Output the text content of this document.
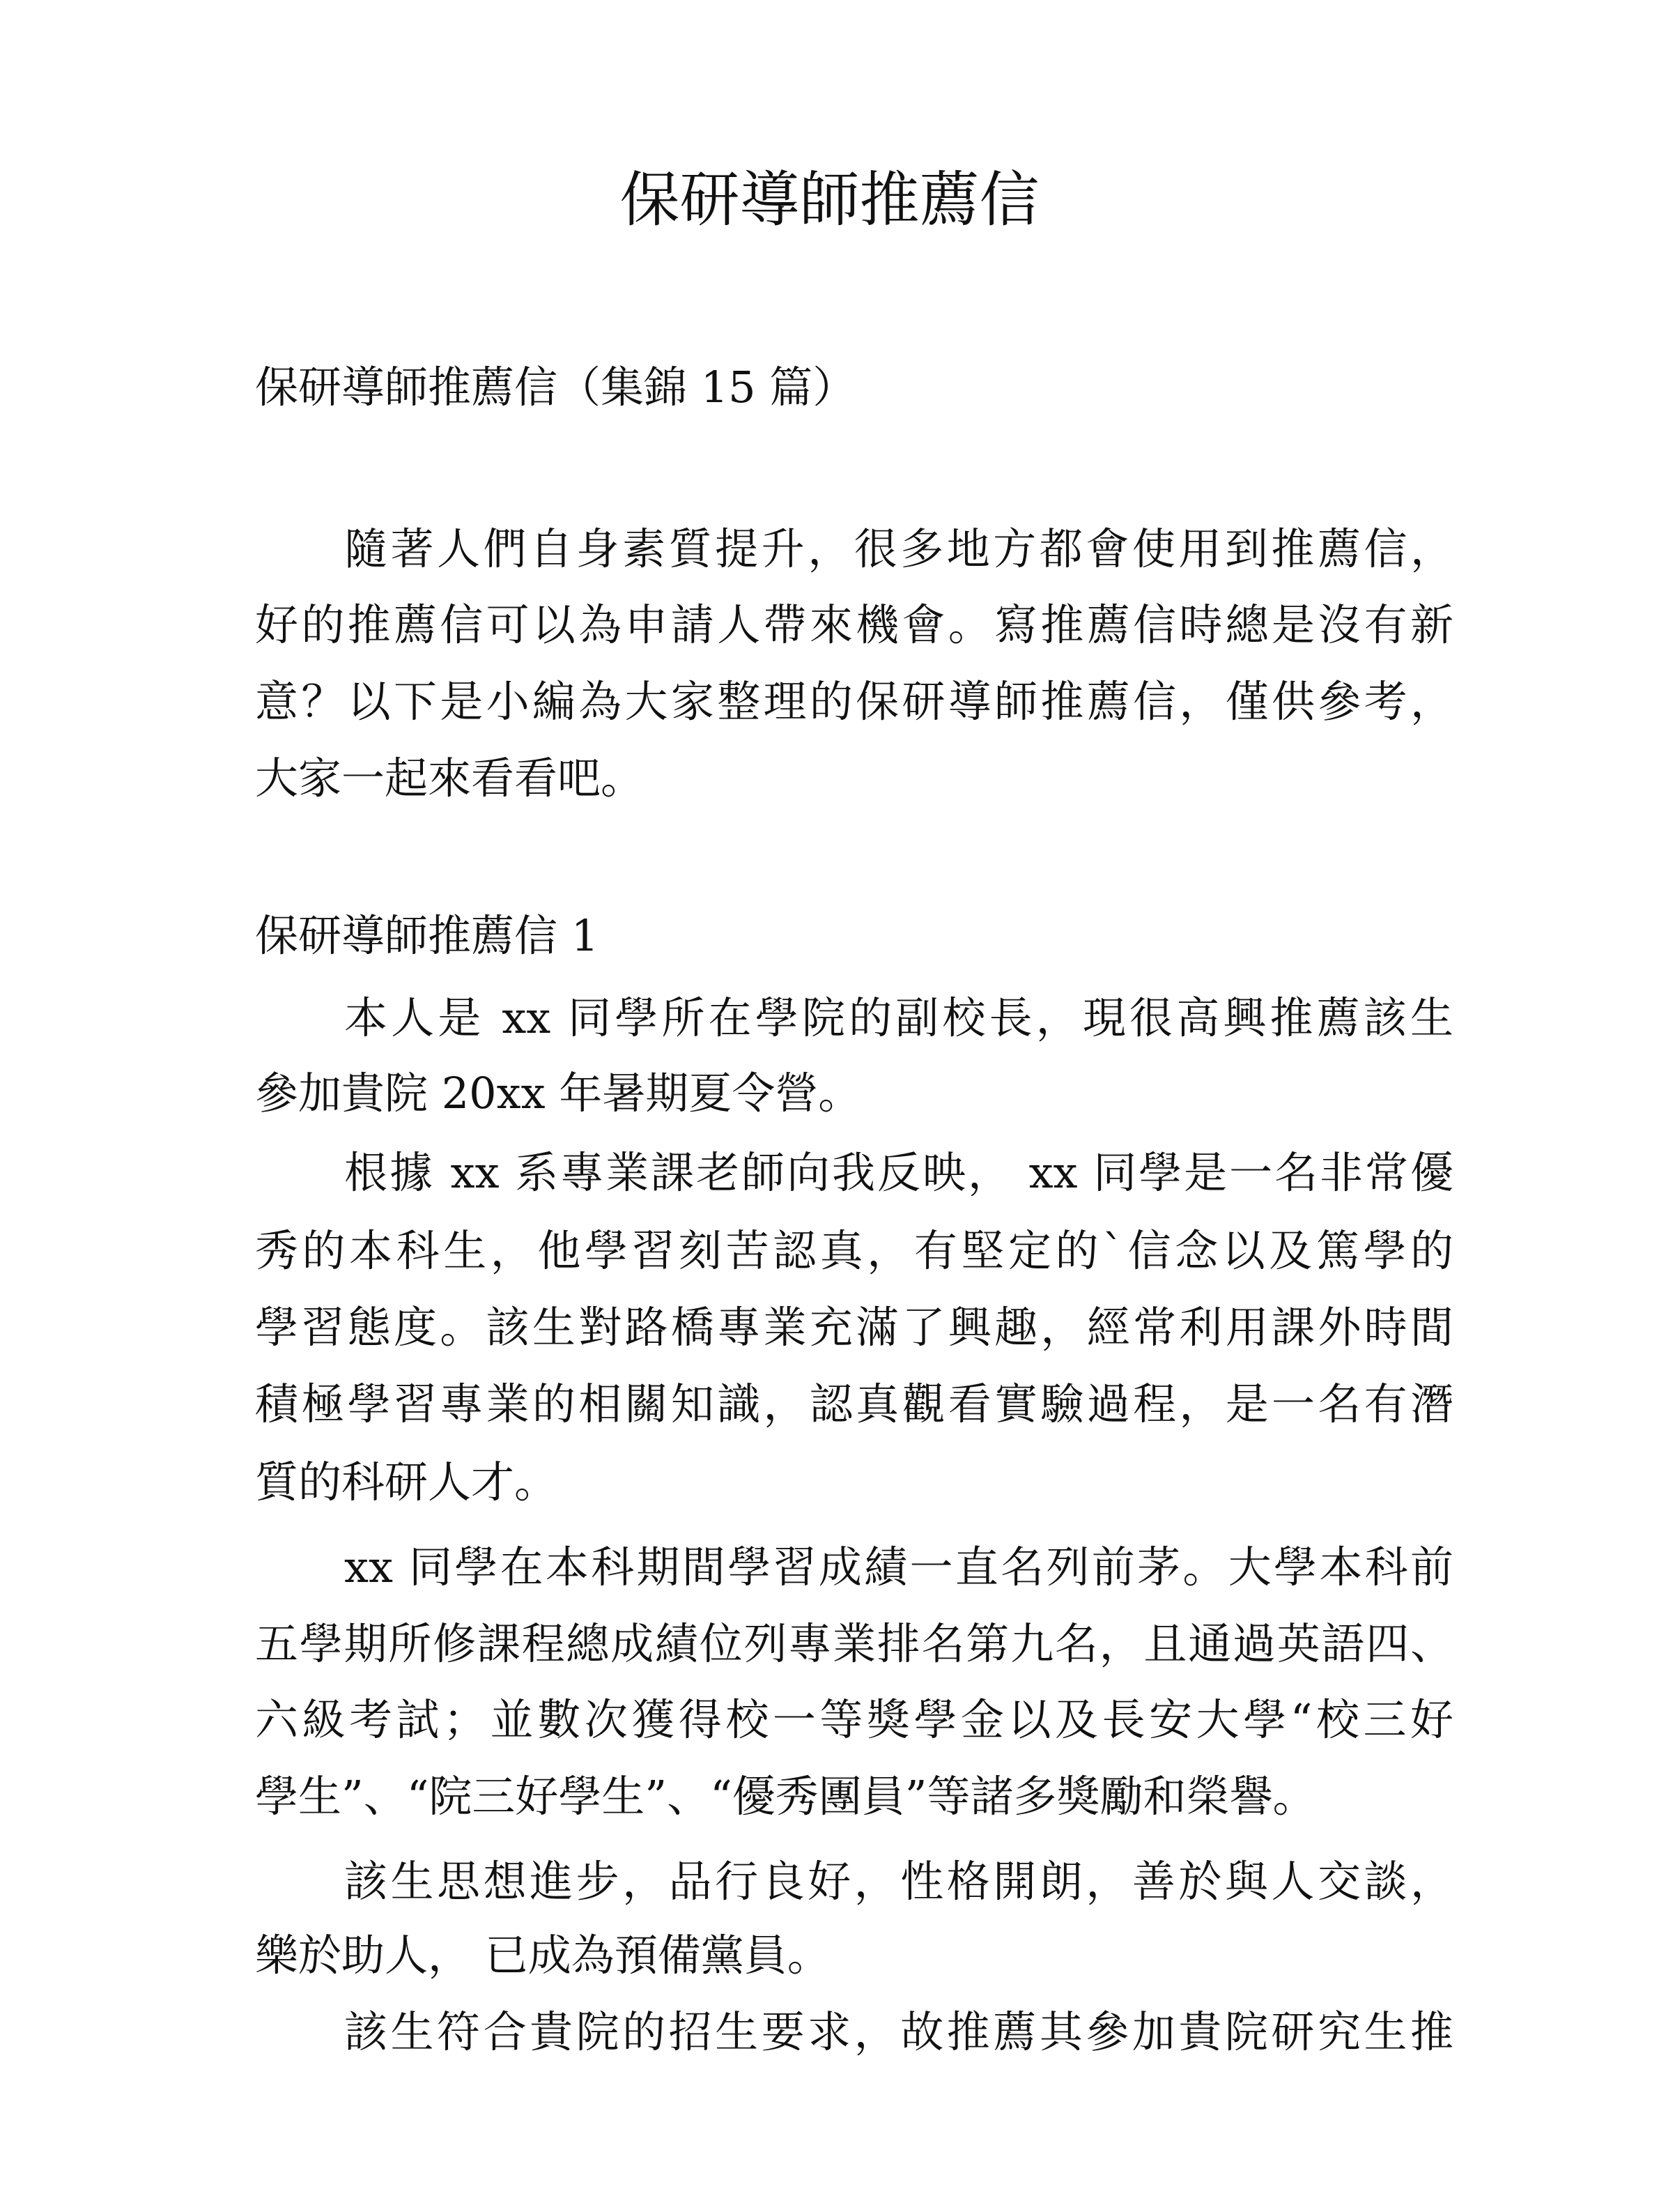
保研導師推薦信
保研導師推薦信（集錦 15 篇）
隨著人們自身素質提升，很多地方都會使用到推薦信，
好的推薦信可以為申請人帶來機會。寫推薦信時總是沒有新
意？以下是小編為大家整理的保研導師推薦信，僅供參考，
大家一起來看看吧。
保研導師推薦信 1
本人是 xx 同學所在學院的副校長，現很高興推薦該生
參加貴院 20xx 年暑期夏令營。
根據 xx 系專業課老師向我反映， xx 同學是一名非常優
秀的本科生，他學習刻苦認真，有堅定的`信念以及篤學的
學習態度。該生對路橋專業充滿了興趣，經常利用課外時間
積極學習專業的相關知識，認真觀看實驗過程，是一名有潛
質的科研人才。
xx 同學在本科期間學習成績一直名列前茅。大學本科前
五學期所修課程總成績位列專業排名第九名，且通過英語四、
六級考試；並數次獲得校一等獎學金以及長安大學“校三好
學生”、“院三好學生”、“優秀團員”等諸多獎勵和榮譽。
該生思想進步，品行良好，性格開朗，善於與人交談，
樂於助人， 已成為預備黨員。
該生符合貴院的招生要求，故推薦其參加貴院研究生推
